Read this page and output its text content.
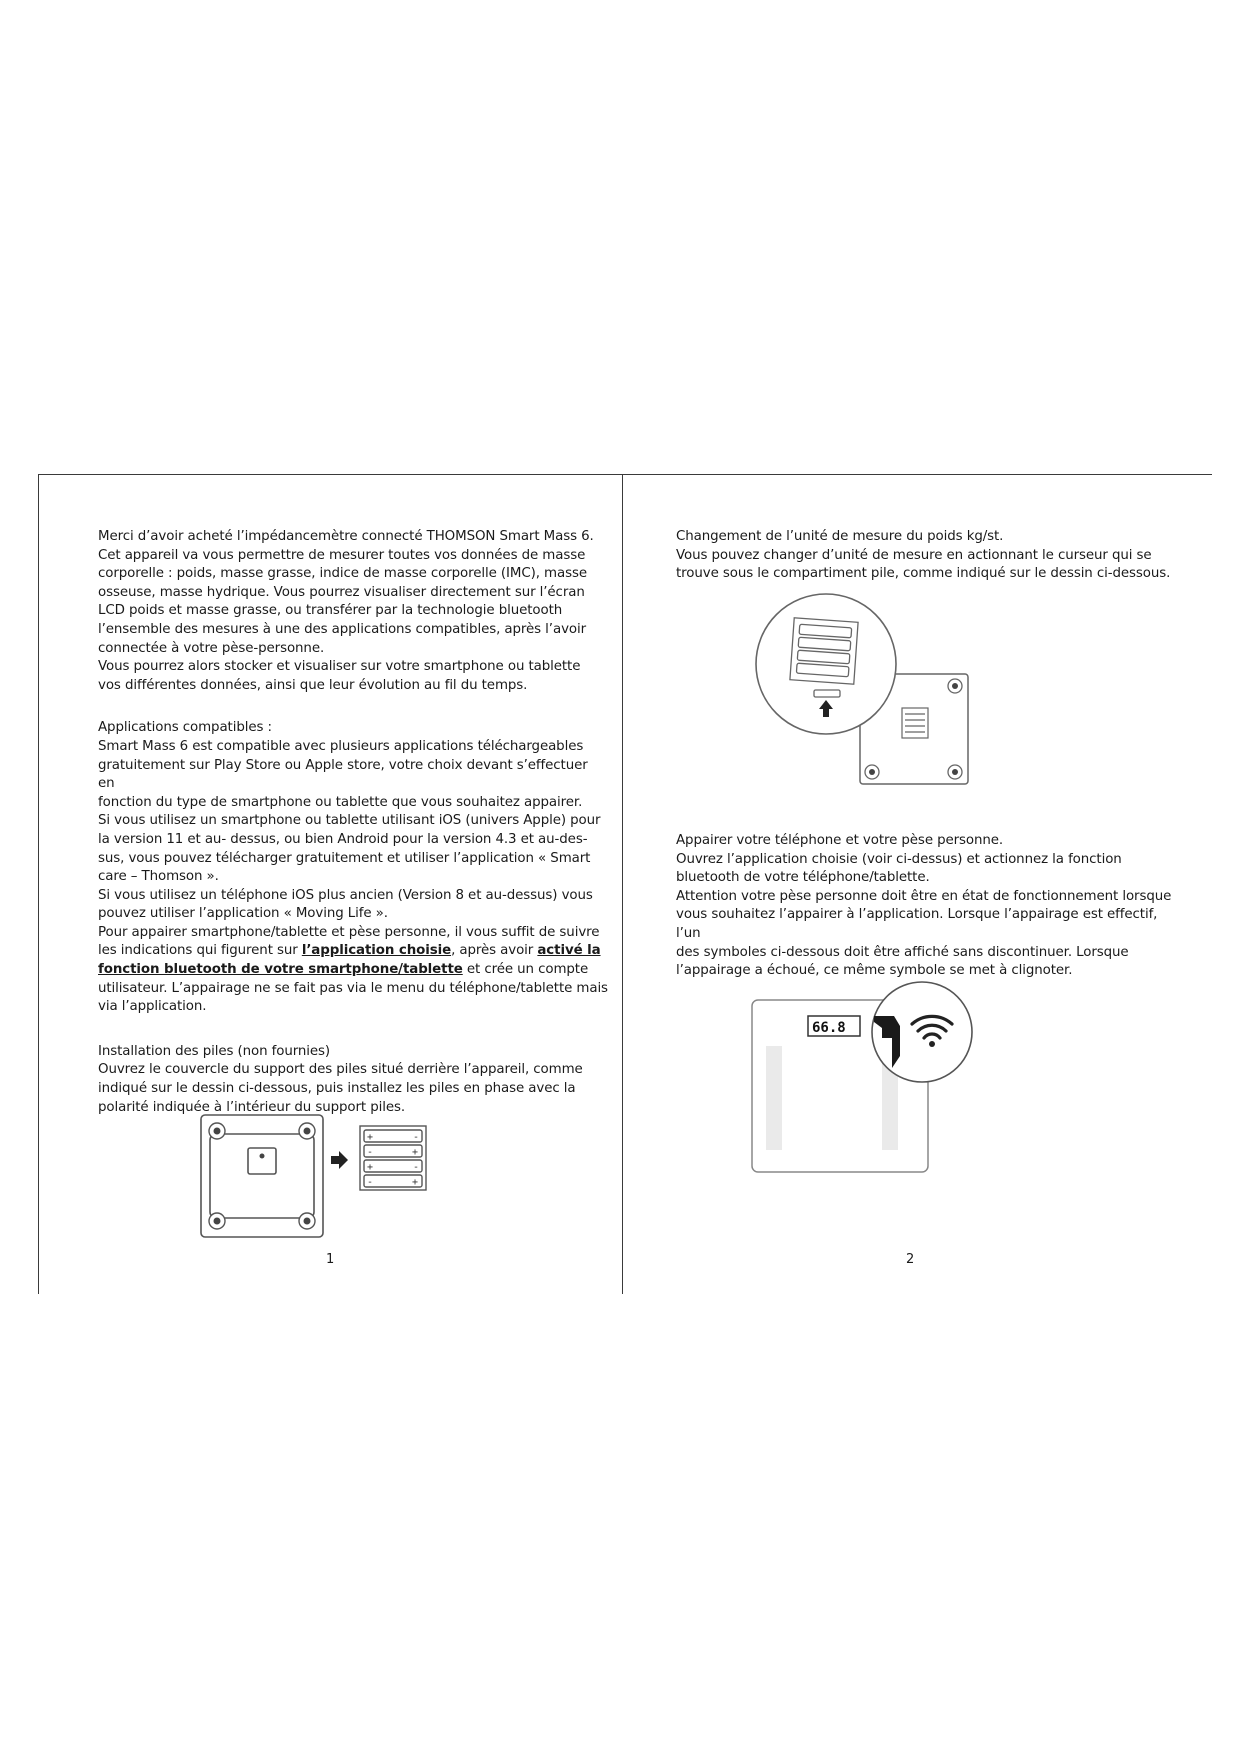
Merci d’avoir acheté l’impédancemètre connecté THOMSON Smart Mass 6.

Cet appareil va vous permettre de mesurer toutes vos données de masse

corporelle : poids, masse grasse, indice de masse corporelle (IMC), masse

osseuse, masse hydrique. Vous pourrez visualiser directement sur l’écran

LCD poids et masse grasse, ou transférer par la technologie bluetooth

l’ensemble des mesures à une des applications compatibles, après l’avoir

connectée à votre pèse-personne.

Vous pourrez alors stocker et visualiser sur votre smartphone ou tablette

vos différentes données, ainsi que leur évolution au fil du temps.

Applications compatibles :

Smart Mass 6 est compatible avec plusieurs applications téléchargeables

gratuitement sur Play Store ou Apple store, votre choix devant s’effectuer en

fonction du type de smartphone ou tablette que vous souhaitez appairer.

Si vous utilisez un smartphone ou tablette utilisant iOS (univers Apple) pour

la version 11 et au- dessus, ou bien Android pour la version 4.3 et au-des-

sus, vous pouvez télécharger gratuitement et utiliser l’application « Smart

care – Thomson ».

Si vous utilisez un téléphone iOS plus ancien (Version 8 et au-dessus) vous

pouvez utiliser l’application « Moving Life ».

Pour appairer smartphone/tablette et pèse personne, il vous suffit de suivre

les indications qui figurent sur l’application choisie, après avoir activé la

fonction bluetooth de votre smartphone/tablette et crée un compte

utilisateur. L’appairage ne se fait pas via le menu du téléphone/tablette mais

via l’application.

Installation des piles (non fournies)

Ouvrez le couvercle du support des piles situé derrière l’appareil, comme

indiqué sur le dessin ci-dessous, puis installez les piles en phase avec la

polarité indiquée à l’intérieur du support piles.

+	-
-	+
+	-
-	+
1

Changement de l’unité de mesure du poids kg/st.

Vous pouvez changer d’unité de mesure en actionnant le curseur qui se

trouve sous le compartiment pile, comme indiqué sur le dessin ci-dessous.

Appairer votre téléphone et votre pèse personne.

Ouvrez l’application choisie (voir ci-dessus) et actionnez la fonction

bluetooth de votre téléphone/tablette.

Attention votre pèse personne doit être en état de fonctionnement lorsque

vous souhaitez l’appairer à l’application. Lorsque l’appairage est effectif, l’un

des symboles ci-dessous doit être affiché sans discontinuer. Lorsque

l’appairage a échoué, ce même symbole se met à clignoter.

66.8
2
